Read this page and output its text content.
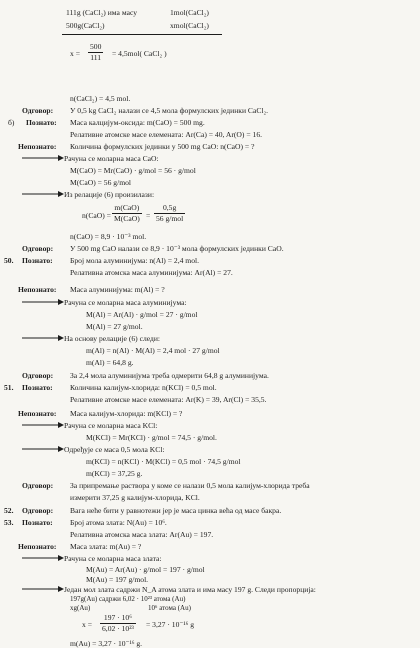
111g (CaCl₂) има масу	1mol(CaCl₂)
500g(CaCl₂)	xmol(CaCl₂)
$x = \frac{500}{111} = 4,5mol$( CaCl₂ )
n(CaCl₂) = 4,5 mol.
Одговор: У 0,5 kg CaCl₂ налази се 4,5 мола формулских јединки CaCl₂.
б) Познато: Маса калцијум-оксида: m(CaO) = 500 mg.
Релативне атомске масе елемената: Ar(Ca) = 40, Ar(O) = 16.
Непознато: Количина формулских јединки у 500 mg CaO: n(CaO) = ?
Рачуна се моларна маса CaO:
M(CaO) = Mr(CaO) · g/mol = 56 · g/mol
M(CaO) = 56 g/mol
Из релације (6) произилази:
n(CaO) =
m(CaO)
M(CaO) =
0,5g
56 g/mol
n(CaO) = 8,9 · 10⁻³ mol.
Одговор: У 500 mg CaO налази се 8,9 · 10⁻³ мола формулских јединки CaO.
50. Познато: Број мола алуминијума: n(Al) = 2,4 mol.
Релативна атомска маса алуминијума: Ar(Al) = 27.
Непознато: Маса алуминијума: m(Al) = ?
Рачуна се моларна маса алуминијума:
M(Al) = Ar(Al) · g/mol = 27 · g/mol
M(Al) = 27 g/mol.
На основу релације (6) следи:
m(Al) = n(Al) · M(Al) = 2,4 mol · 27 g/mol
m(Al) = 64,8 g.
Одговор: За 2,4 мола алуминијума треба одмерити 64,8 g алуминијума.
51. Познато: Количина калијум-хлорида: n(KCl) = 0,5 mol.
Релативне атомске масе елемената: Ar(K) = 39, Ar(Cl) = 35,5.
Непознато: Маса калијум-хлорида: m(KCl) = ?
Рачуна се моларна маса KCl:
M(KCl) = Mr(KCl) · g/mol = 74,5 · g/mol.
Одређује се маса 0,5 мола KCl:
m(KCl) = n(KCl) · M(KCl) = 0,5 mol · 74,5 g/mol
m(KCl) = 37,25 g.
Одговор: За припремање раствора у коме се налази 0,5 мола калијум-хлорида треба
измерити 37,25 g калијум-хлорида, KCl.
52. Одговор: Вага неће бити у равнотежи јер је маса цинка већа од масе бакра.
53. Познато: Број атома злата: N(Au) = 10⁶.
Релативна атомска маса злата: Ar(Au) = 197.
Непознато: Маса злата: m(Au) = ?
Рачуна се моларна маса злата:
M(Au) = Ar(Au) · g/mol = 197 · g/mol
M(Au) = 197 g/mol.
Један мол злата садржи N_A атома злата и има масу 197 g. Следи пропорција:
197g(Au) садржи 6,02 · 10²³ атома (Au)
xg(Au)	10⁶ атома (Au)
$x = \frac{\text{197 · 10⁶}}{\text{6,02 · 10²³}} = 3,27 \cdot 10^{-16}$ g
m(Au) = 3,27 · 10⁻¹⁶ g.
